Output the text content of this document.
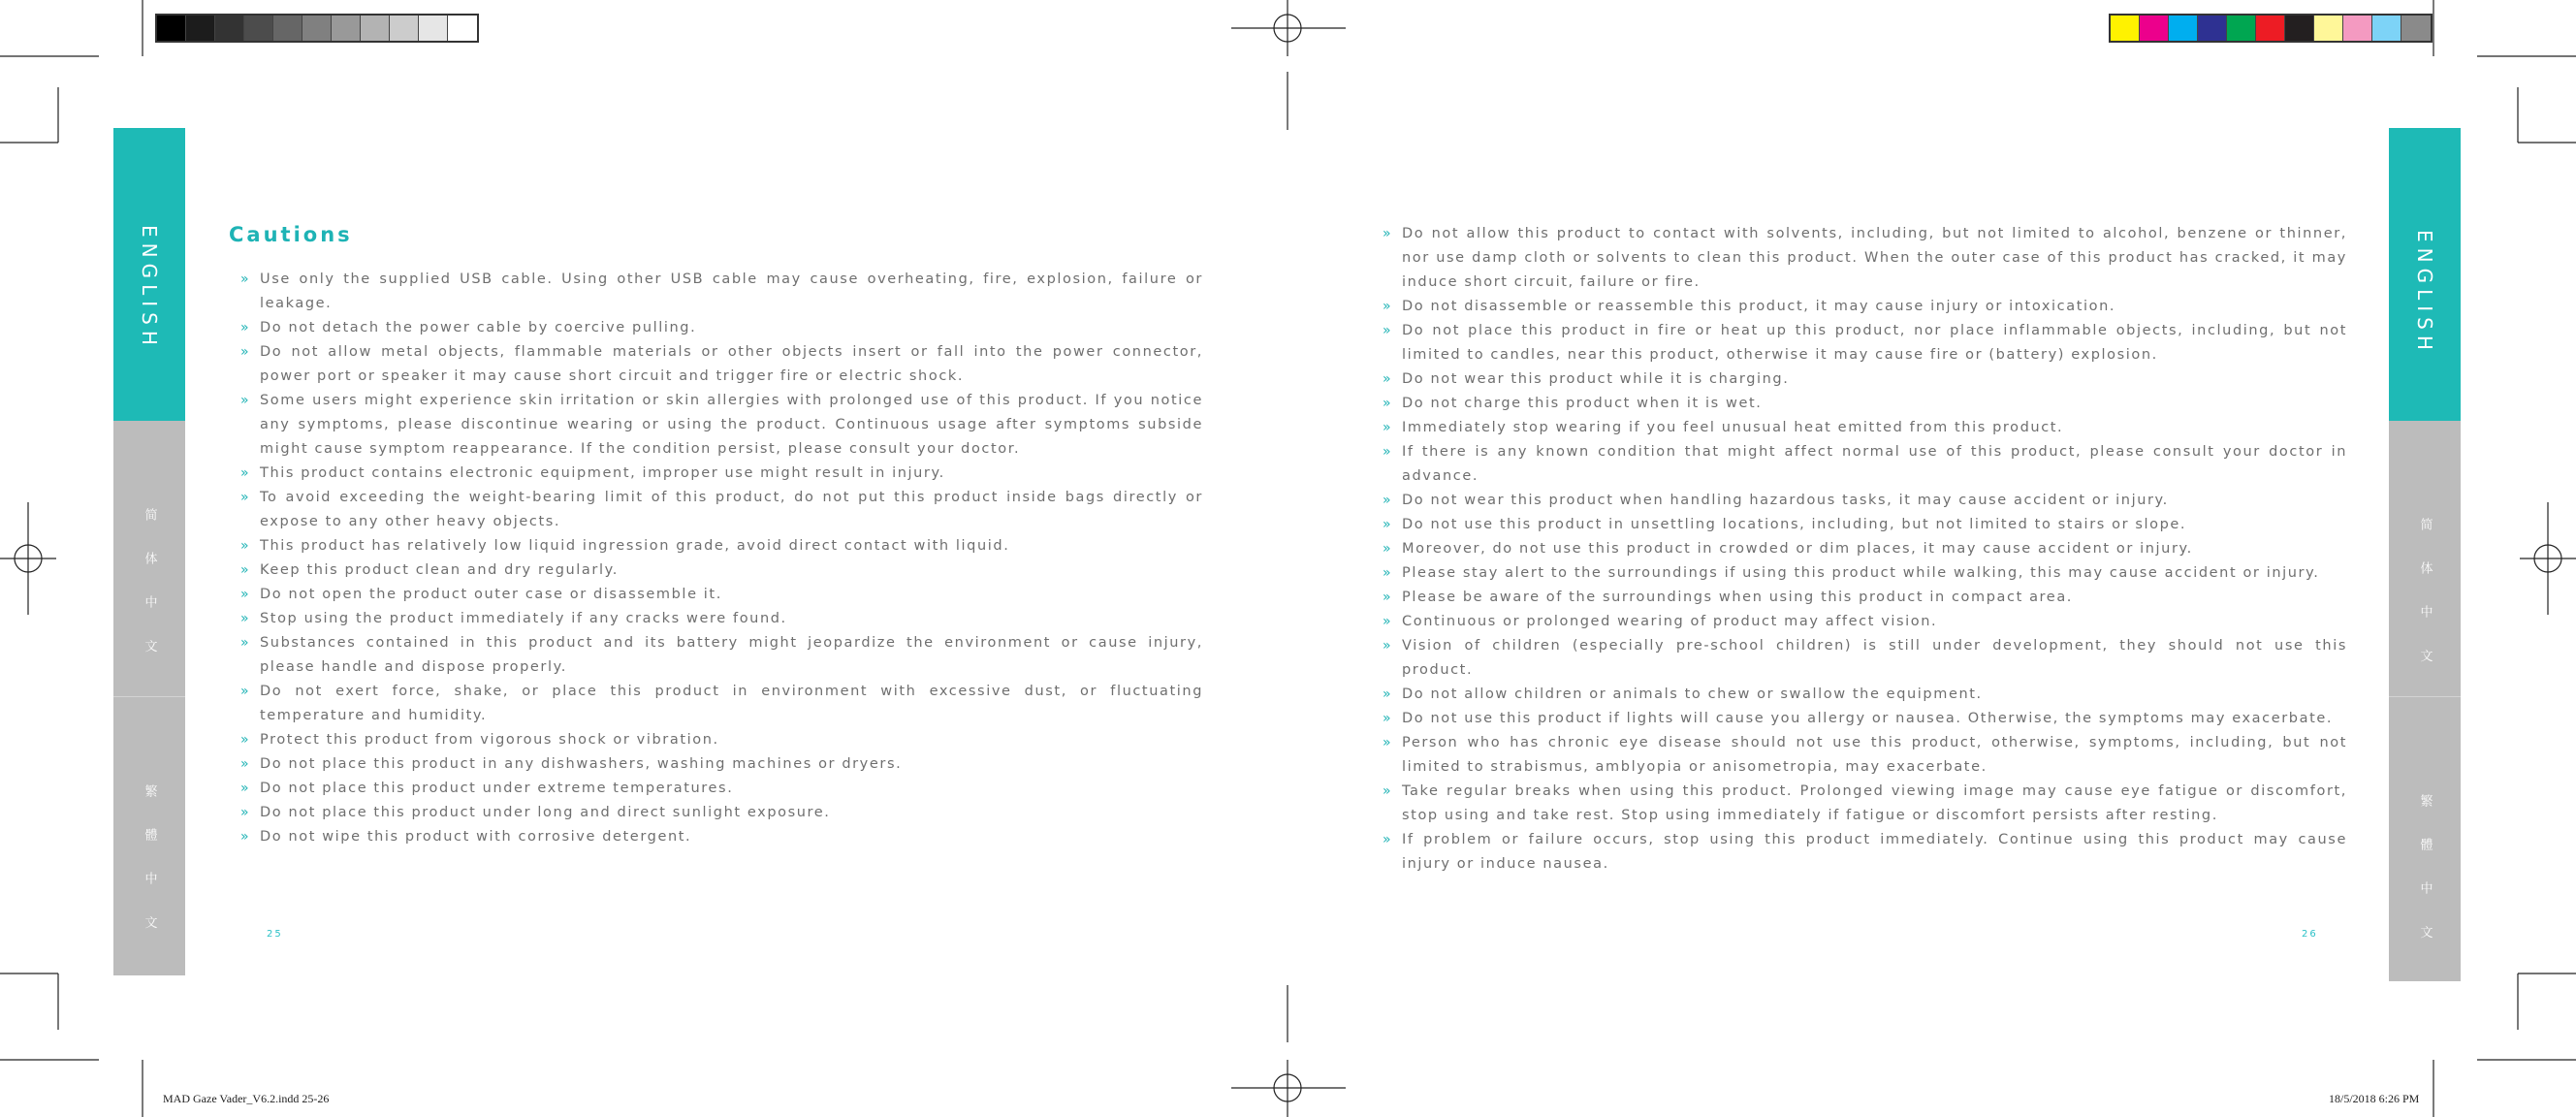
ENGLISH
简 体 中 文
繁 體 中 文
ENGLISH
简 体 中 文
繁 體 中 文
Cautions
» Use only the supplied USB cable. Using other USB cable may cause overheating, fire, explosion, failure or leakage.
» Do not detach the power cable by coercive pulling.
» Do not allow metal objects, flammable materials or other objects insert or fall into the power connector, power port or speaker it may cause short circuit and trigger fire or electric shock.
» Some users might experience skin irritation or skin allergies with prolonged use of this product. If you notice any symptoms, please discontinue wearing or using the product. Continuous usage after symptoms subside might cause symptom reappearance. If the condition persist, please consult your doctor.
» This product contains electronic equipment, improper use might result in injury.
» To avoid exceeding the weight-bearing limit of this product, do not put this product inside bags directly or expose to any other heavy objects.
» This product has relatively low liquid ingression grade, avoid direct contact with liquid.
» Keep this product clean and dry regularly.
» Do not open the product outer case or disassemble it.
» Stop using the product immediately if any cracks were found.
» Substances contained in this product and its battery might jeopardize the environment or cause injury, please handle and dispose properly.
» Do not exert force, shake, or place this product in environment with excessive dust, or fluctuating temperature and humidity.
» Protect this product from vigorous shock or vibration.
» Do not place this product in any dishwashers, washing machines or dryers.
» Do not place this product under extreme temperatures.
» Do not place this product under long and direct sunlight exposure.
» Do not wipe this product with corrosive detergent.
25
» Do not allow this product to contact with solvents, including, but not limited to alcohol, benzene or thinner, nor use damp cloth or solvents to clean this product. When the outer case of this product has cracked, it may induce short circuit, failure or fire.
» Do not disassemble or reassemble this product, it may cause injury or intoxication.
» Do not place this product in fire or heat up this product, nor place inflammable objects, including, but not limited to candles, near this product, otherwise it may cause fire or (battery) explosion.
» Do not wear this product while it is charging.
» Do not charge this product when it is wet.
» Immediately stop wearing if you feel unusual heat emitted from this product.
» If there is any known condition that might affect normal use of this product, please consult your doctor in advance.
» Do not wear this product when handling hazardous tasks, it may cause accident or injury.
» Do not use this product in unsettling locations, including, but not limited to stairs or slope.
» Moreover, do not use this product in crowded or dim places, it may cause accident or injury.
» Please stay alert to the surroundings if using this product while walking, this may cause accident or injury.
» Please be aware of the surroundings when using this product in compact area.
» Continuous or prolonged wearing of product may affect vision.
» Vision of children (especially pre-school children) is still under development, they should not use this product.
» Do not allow children or animals to chew or swallow the equipment.
» Do not use this product if lights will cause you allergy or nausea. Otherwise, the symptoms may exacerbate.
» Person who has chronic eye disease should not use this product, otherwise, symptoms, including, but not limited to strabismus, amblyopia or anisometropia, may exacerbate.
» Take regular breaks when using this product. Prolonged viewing image may cause eye fatigue or discomfort, stop using and take rest. Stop using immediately if fatigue or discomfort persists after resting.
» If problem or failure occurs, stop using this product immediately. Continue using this product may cause injury or induce nausea.
26
MAD Gaze Vader_V6.2.indd 25-26	18/5/2018 6:26 PM
